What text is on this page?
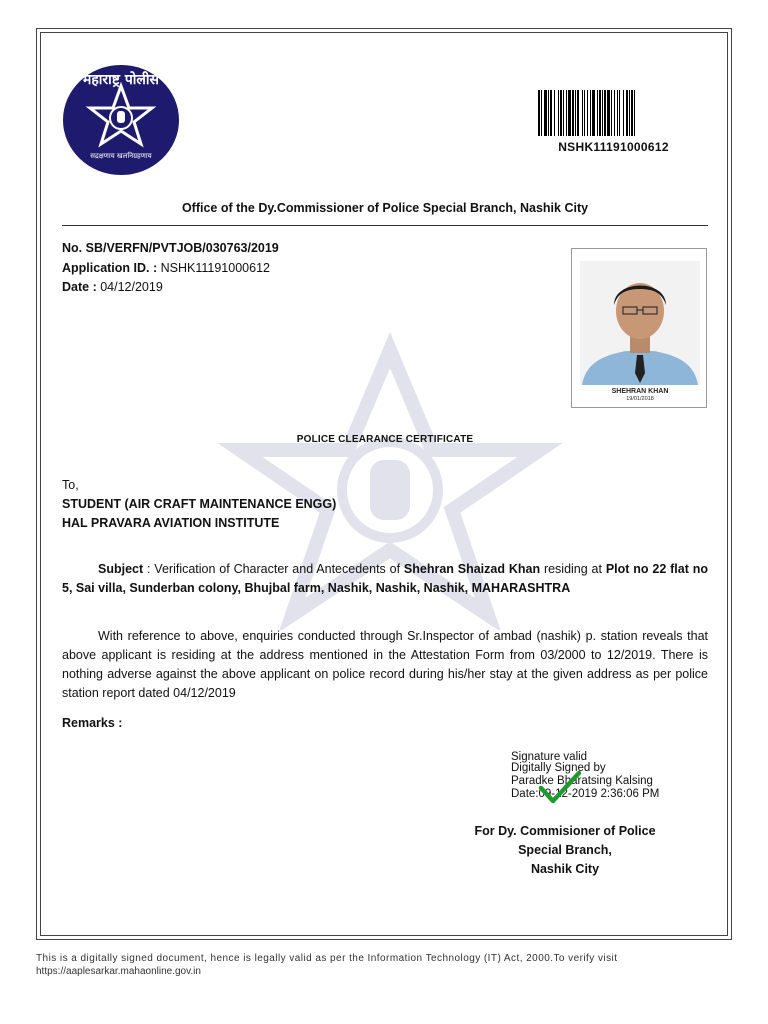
महाराष्ट्र पोलीस
सद्रक्षणाय खलनिग्रहणाय
NSHK11191000612
Office of the Dy.Commissioner of Police Special Branch, Nashik City
No. SB/VERFN/PVTJOB/030763/2019
Application ID. : NSHK11191000612
Date : 04/12/2019
SHEHRAN KHAN
19/01/2018
POLICE CLEARANCE CERTIFICATE
To,
STUDENT (AIR CRAFT MAINTENANCE ENGG)
HAL PRAVARA AVIATION INSTITUTE
Subject : Verification of Character and Antecedents of Shehran Shaizad Khan residing at Plot no 22 flat no 5, Sai villa, Sunderban colony, Bhujbal farm, Nashik, Nashik, Nashik, MAHARASHTRA
With reference to above, enquiries conducted through Sr.Inspector of ambad (nashik) p. station reveals that above applicant is residing at the address mentioned in the Attestation Form from 03/2000 to 12/2019. There is nothing adverse against the above applicant on police record during his/her stay at the given address as per police station report dated 04/12/2019
Remarks :
Signature valid
Digitally Signed by
Paradke Bharatsing Kalsing
Date:09-12-2019 2:36:06 PM
For Dy. Commisioner of Police
Special Branch,
Nashik City
This is a digitally signed document, hence is legally valid as per the Information Technology (IT) Act, 2000.To verify visit
https://aaplesarkar.mahaonline.gov.in
